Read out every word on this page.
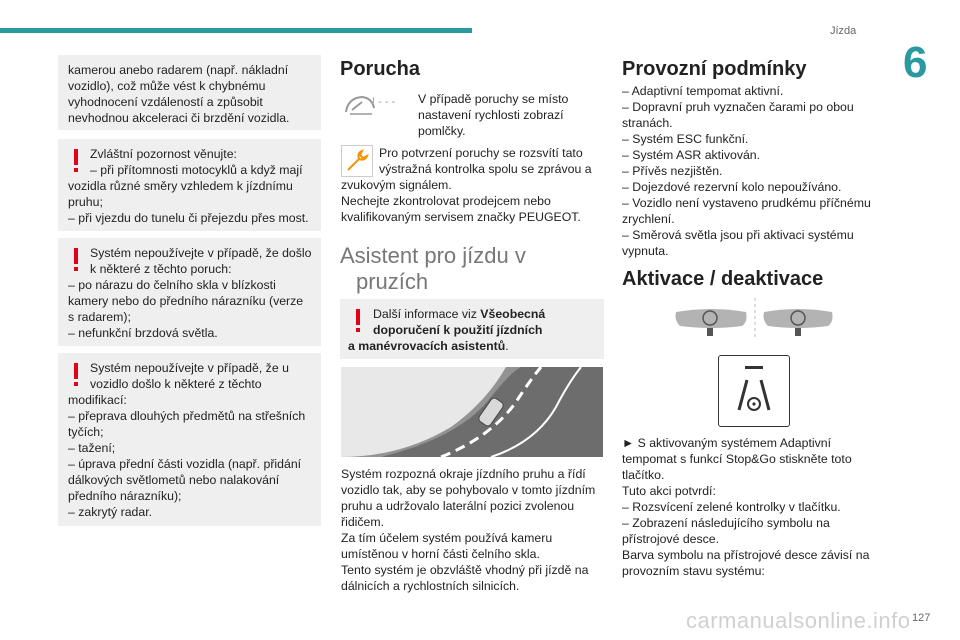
Jízda
6
127
carmanualsonline.info

kamerou anebo radarem (např. nákladní

vozidlo), což může vést k chybnému

vyhodnocení vzdáleností a způsobit

nevhodnou akceleraci či brzdění vozidla.

Zvláštní pozornost věnujte:

– při přítomnosti motocyklů a když mají

vozidla různé směry vzhledem k jízdnímu

pruhu;

– při vjezdu do tunelu či přejezdu přes most.

Systém nepoužívejte v případě, že došlo

k některé z těchto poruch:

– po nárazu do čelního skla v blízkosti

kamery nebo do předního nárazníku (verze

s radarem);

– nefunkční brzdová světla.

Systém nepoužívejte v případě, že u

vozidlo došlo k některé z těchto

modifikací:

– přeprava dlouhých předmětů na střešních

tyčích;

– tažení;

– úprava přední části vozidla (např. přidání

dálkových světlometů nebo nalakování

předního nárazníku);

– zakrytý radar.

Porucha
! - - - V případě poruchy se místo

nastavení rychlosti zobrazí

pomlčky.

Pro potvrzení poruchy se rozsvítí tato

výstražná kontrolka spolu se zprávou a

zvukovým signálem.

Nechejte zkontrolovat prodejcem nebo

kvalifikovaným servisem značky PEUGEOT.

Asistent pro jízdu v
pruzích

Další informace viz Všeobecná

doporučení k použití jízdních

a manévrovacích asistentů.

Systém rozpozná okraje jízdního pruhu a řídí

vozidlo tak, aby se pohybovalo v tomto jízdním

pruhu a udržovalo laterální pozici zvolenou

řidičem.

Za tím účelem systém používá kameru

umístěnou v horní části čelního skla.

Tento systém je obzvláště vhodný při jízdě na

dálnicích a rychlostních silnicích.

Provozní podmínky

– Adaptivní tempomat aktivní.

– Dopravní pruh vyznačen čarami po obou

stranách.

– Systém ESC funkční.

– Systém ASR aktivován.

– Přívěs nezjištěn.

– Dojezdové rezervní kolo nepoužíváno.

– Vozidlo není vystaveno prudkému příčnému

zrychlení.

– Směrová světla jsou při aktivaci systému

vypnuta.

Aktivace / deaktivace

► S aktivovaným systémem Adaptivní

tempomat s funkcí Stop&Go stiskněte toto

tlačítko.

Tuto akci potvrdí:

– Rozsvícení zelené kontrolky v tlačítku.

– Zobrazení následujícího symbolu na

přístrojové desce.

Barva symbolu na přístrojové desce závisí na

provozním stavu systému:
